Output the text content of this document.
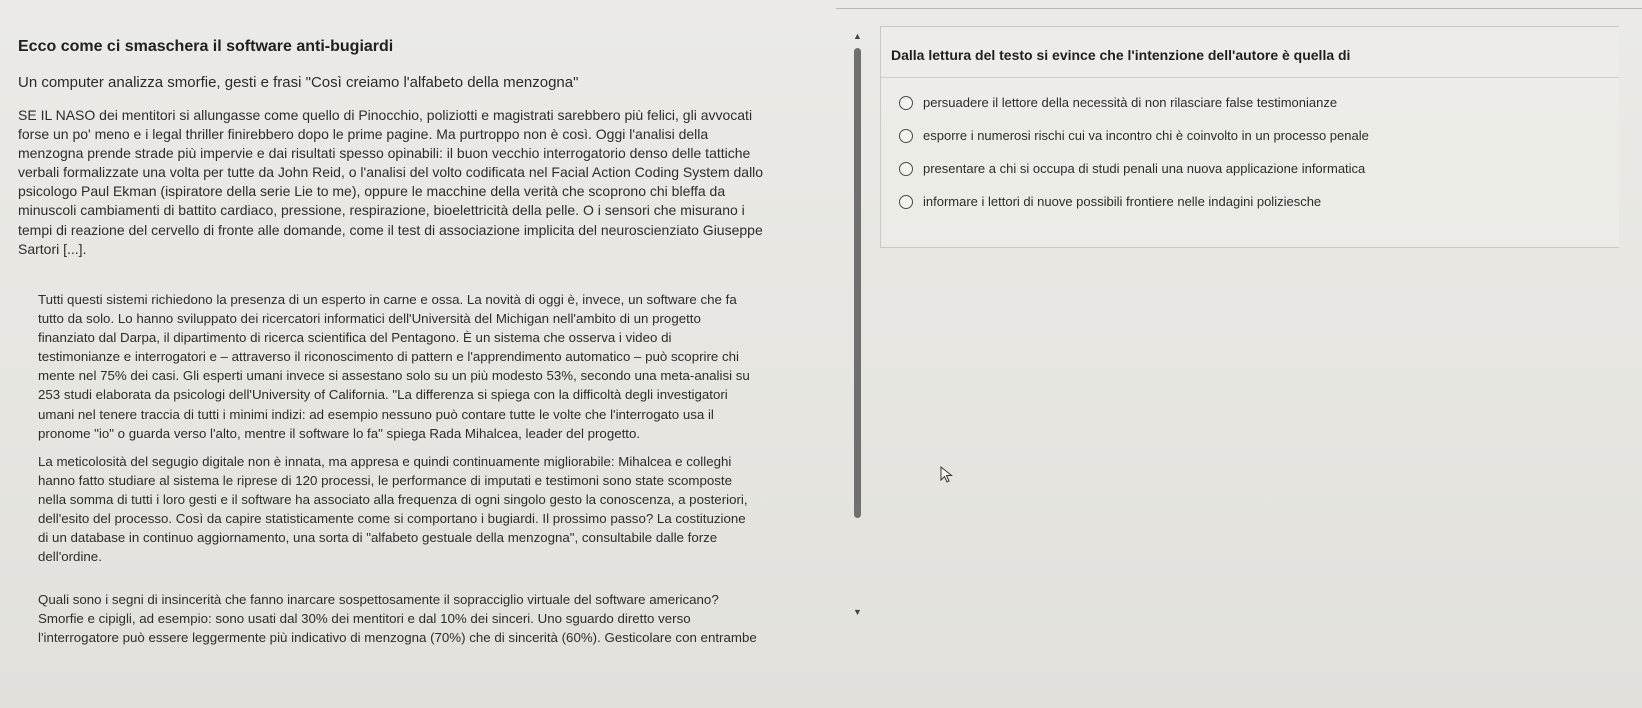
Ecco come ci smaschera il software anti-bugiardi
Un computer analizza smorfie, gesti e frasi "Così creiamo l'alfabeto della menzogna"
SE IL NASO dei mentitori si allungasse come quello di Pinocchio, poliziotti e magistrati sarebbero più felici, gli avvocati
forse un po' meno e i legal thriller finirebbero dopo le prime pagine. Ma purtroppo non è così. Oggi l'analisi della
menzogna prende strade più impervie e dai risultati spesso opinabili: il buon vecchio interrogatorio denso delle tattiche
verbali formalizzate una volta per tutte da John Reid, o l'analisi del volto codificata nel Facial Action Coding System dallo
psicologo Paul Ekman (ispiratore della serie Lie to me), oppure le macchine della verità che scoprono chi bleffa da
minuscoli cambiamenti di battito cardiaco, pressione, respirazione, bioelettricità della pelle. O i sensori che misurano i
tempi di reazione del cervello di fronte alle domande, come il test di associazione implicita del neuroscienziato Giuseppe
Sartori [...].
Tutti questi sistemi richiedono la presenza di un esperto in carne e ossa. La novità di oggi è, invece, un software che fa
tutto da solo. Lo hanno sviluppato dei ricercatori informatici dell'Università del Michigan nell'ambito di un progetto
finanziato dal Darpa, il dipartimento di ricerca scientifica del Pentagono. È un sistema che osserva i video di
testimonianze e interrogatori e – attraverso il riconoscimento di pattern e l'apprendimento automatico – può scoprire chi
mente nel 75% dei casi. Gli esperti umani invece si assestano solo su un più modesto 53%, secondo una meta-analisi su
253 studi elaborata da psicologi dell'University of California. "La differenza si spiega con la difficoltà degli investigatori
umani nel tenere traccia di tutti i minimi indizi: ad esempio nessuno può contare tutte le volte che l'interrogato usa il
pronome "io" o guarda verso l'alto, mentre il software lo fa" spiega Rada Mihalcea, leader del progetto.
La meticolosità del segugio digitale non è innata, ma appresa e quindi continuamente migliorabile: Mihalcea e colleghi
hanno fatto studiare al sistema le riprese di 120 processi, le performance di imputati e testimoni sono state scomposte
nella somma di tutti i loro gesti e il software ha associato alla frequenza di ogni singolo gesto la conoscenza, a posteriori,
dell'esito del processo. Così da capire statisticamente come si comportano i bugiardi. Il prossimo passo? La costituzione
di un database in continuo aggiornamento, una sorta di "alfabeto gestuale della menzogna", consultabile dalle forze
dell'ordine.
Quali sono i segni di insincerità che fanno inarcare sospettosamente il sopracciglio virtuale del software americano?
Smorfie e cipigli, ad esempio: sono usati dal 30% dei mentitori e dal 10% dei sinceri. Uno sguardo diretto verso
l'interrogatore può essere leggermente più indicativo di menzogna (70%) che di sincerità (60%). Gesticolare con entrambe
▲
▼
Dalla lettura del testo si evince che l'intenzione dell'autore è quella di
persuadere il lettore della necessità di non rilasciare false testimonianze
esporre i numerosi rischi cui va incontro chi è coinvolto in un processo penale
presentare a chi si occupa di studi penali una nuova applicazione informatica
informare i lettori di nuove possibili frontiere nelle indagini poliziesche
